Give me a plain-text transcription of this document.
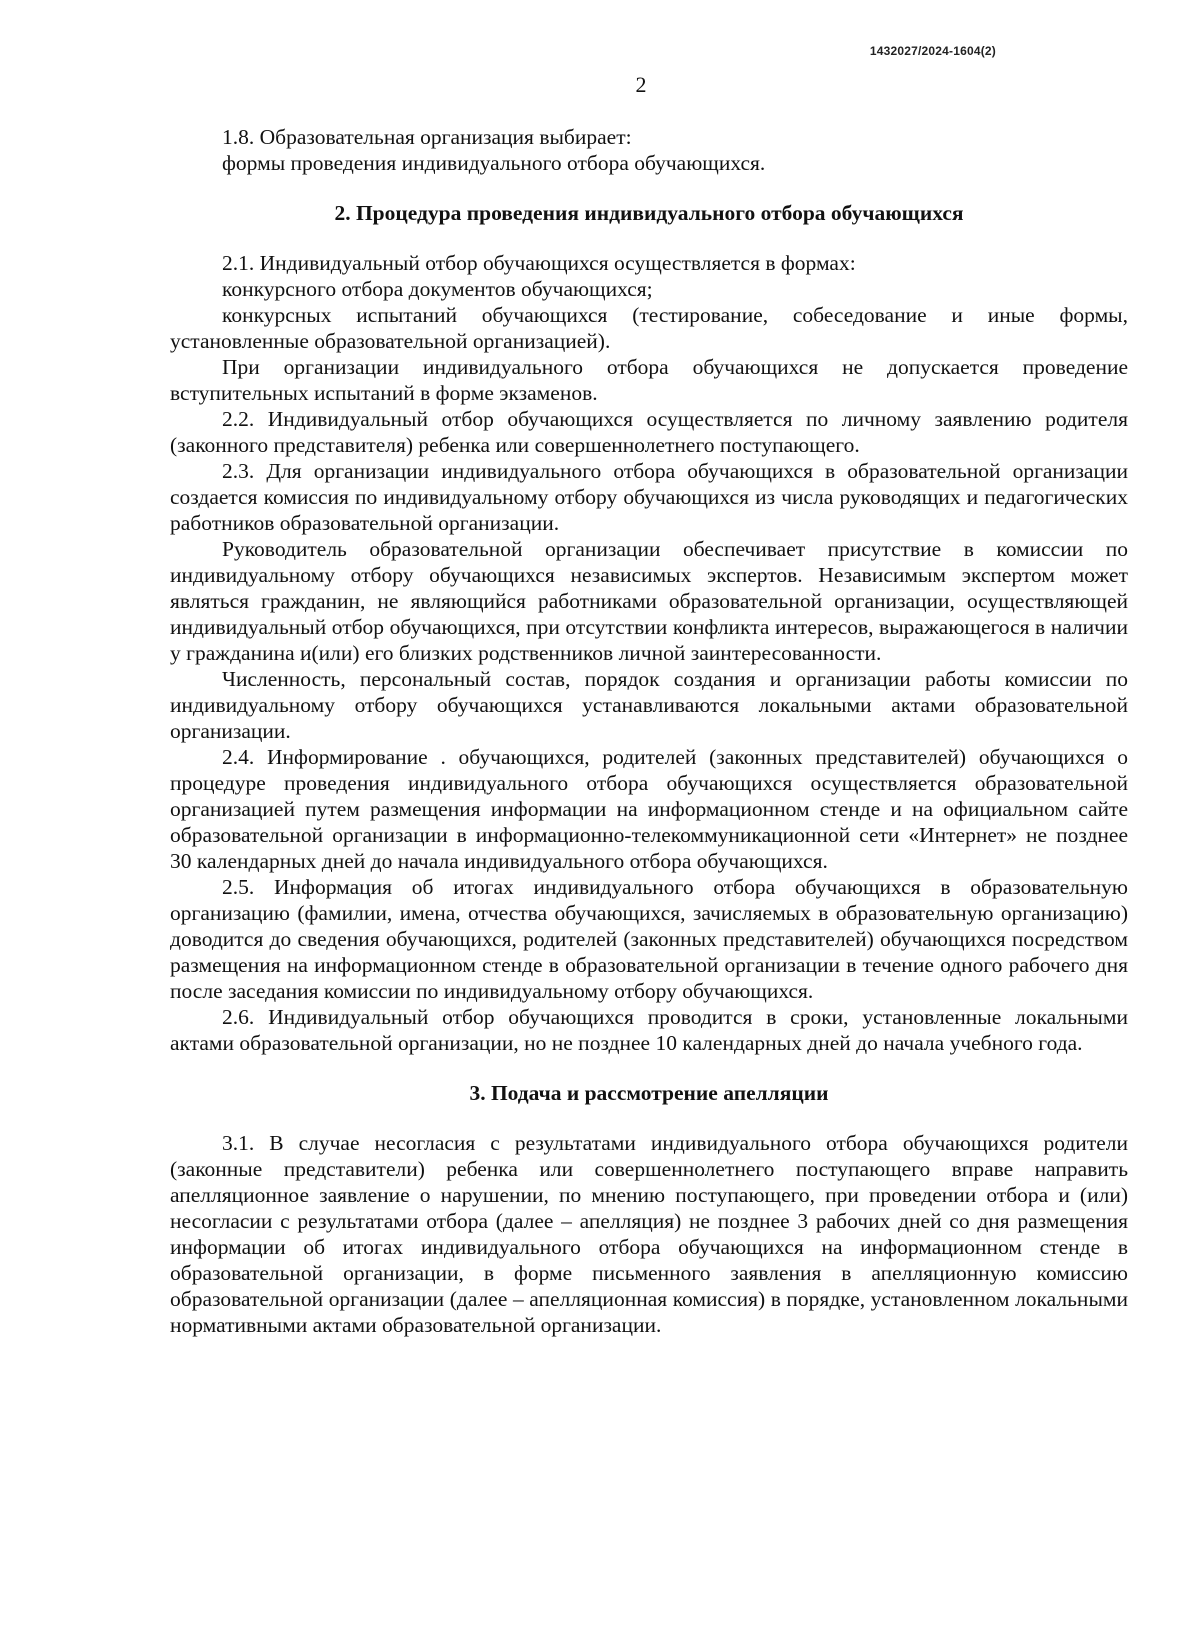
1432027/2024-1604(2)
2

1.8. Образовательная организация выбирает:

формы проведения индивидуального отбора обучающихся.

2. Процедура проведения индивидуального отбора обучающихся

2.1. Индивидуальный отбор обучающихся осуществляется в формах:

конкурсного отбора документов обучающихся;

конкурсных испытаний обучающихся (тестирование, собеседование и иные формы, установленные образовательной организацией).

При организации индивидуального отбора обучающихся не допускается проведение вступительных испытаний в форме экзаменов.

2.2. Индивидуальный отбор обучающихся осуществляется по личному заявлению родителя (законного представителя) ребенка или совершеннолетнего поступающего.

2.3. Для организации индивидуального отбора обучающихся в образовательной организации создается комиссия по индивидуальному отбору обучающихся из числа руководящих и педагогических работников образовательной организации.

Руководитель образовательной организации обеспечивает присутствие в комиссии по индивидуальному отбору обучающихся независимых экспертов. Независимым экспертом может являться гражданин, не являющийся работниками образовательной организации, осуществляющей индивидуальный отбор обучающихся, при отсутствии конфликта интересов, выражающегося в наличии у гражданина и(или) его близких родственников личной заинтересованности.

Численность, персональный состав, порядок создания и организации работы комиссии по индивидуальному отбору обучающихся устанавливаются локальными актами образовательной организации.

2.4. Информирование . обучающихся, родителей (законных представителей) обучающихся о процедуре проведения индивидуального отбора обучающихся осуществляется образовательной организацией путем размещения информации на информационном стенде и на официальном сайте образовательной организации в информационно-телекоммуникационной сети «Интернет» не позднее 30 календарных дней до начала индивидуального отбора обучающихся.

2.5. Информация об итогах индивидуального отбора обучающихся в образовательную организацию (фамилии, имена, отчества обучающихся, зачисляемых в образовательную организацию) доводится до сведения обучающихся, родителей (законных представителей) обучающихся посредством размещения на информационном стенде в образовательной организации в течение одного рабочего дня после заседания комиссии по индивидуальному отбору обучающихся.

2.6. Индивидуальный отбор обучающихся проводится в сроки, установленные локальными актами образовательной организации, но не позднее 10 календарных дней до начала учебного года.

3. Подача и рассмотрение апелляции

3.1. В случае несогласия с результатами индивидуального отбора обучающихся родители (законные представители) ребенка или совершеннолетнего поступающего вправе направить апелляционное заявление о нарушении, по мнению поступающего, при проведении отбора и (или) несогласии с результатами отбора (далее – апелляция) не позднее 3 рабочих дней со дня размещения информации об итогах индивидуального отбора обучающихся на информационном стенде в образовательной организации, в форме письменного заявления в апелляционную комиссию образовательной организации (далее – апелляционная комиссия) в порядке, установленном локальными нормативными актами образовательной организации.
